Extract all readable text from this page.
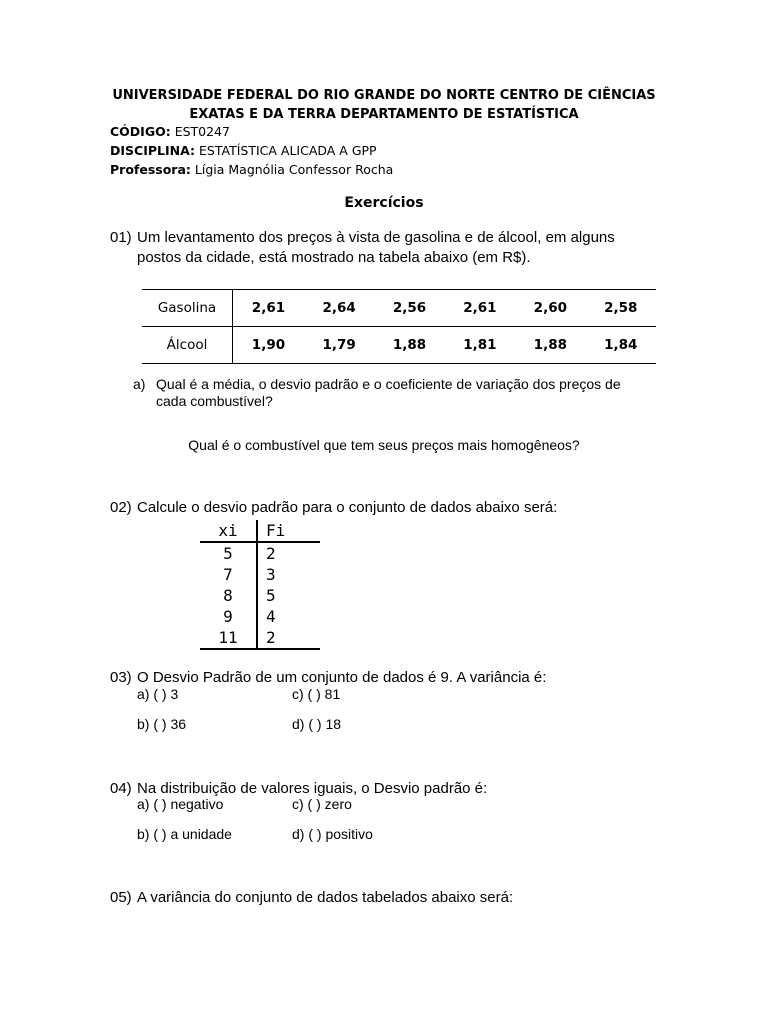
UNIVERSIDADE FEDERAL DO RIO GRANDE DO NORTE CENTRO DE CIÊNCIAS EXATAS E DA TERRA DEPARTAMENTO DE ESTATÍSTICA
CÓDIGO: EST0247
DISCIPLINA: ESTATÍSTICA ALICADA A GPP
Professora: Lígia Magnólia Confessor Rocha
Exercícios
01) Um levantamento dos preços à vista de gasolina e de álcool, em alguns
postos da cidade, está mostrado na tabela abaixo (em R$).
Gasolina	2,61	2,64	2,56	2,61	2,60	2,58
Álcool	1,90	1,79	1,88	1,81	1,88	1,84
a) Qual é a média, o desvio padrão e o coeficiente de variação dos preços de
cada combustível?
Qual é o combustível que tem seus preços mais homogêneos?
02) Calcule o desvio padrão para o conjunto de dados abaixo será:
xi	Fi
5	2
7	3
8	5
9	4
11	2
03) O Desvio Padrão de um conjunto de dados é 9. A variância é:
a) ( ) 3	c) ( ) 81
b) ( ) 36	d) ( ) 18
04) Na distribuição de valores iguais, o Desvio padrão é:
a) ( ) negativo	c) ( ) zero
b) ( ) a unidade	d) ( ) positivo
05) A variância do conjunto de dados tabelados abaixo será:
